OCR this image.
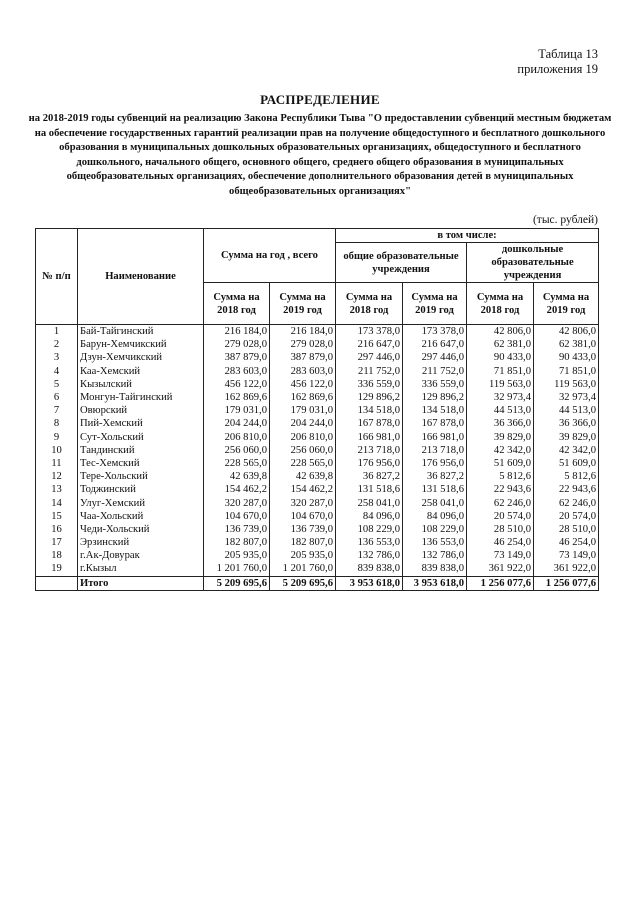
Таблица 13
приложения 19
РАСПРЕДЕЛЕНИЕ
на 2018-2019 годы субвенций на реализацию Закона Республики Тыва "О предоставлении субвенций местным бюджетам на обеспечение государственных гарантий реализации прав на получение общедоступного и бесплатного дошкольного образования в муниципальных дошкольных образовательных организациях, общедоступного и бесплатного дошкольного, начального общего, основного общего, среднего общего образования в муниципальных общеобразовательных организациях, обеспечение дополнительного образования детей в муниципальных общеобразовательных организациях"
(тыс. рублей)
№ п/п	Наименование	Сумма на год , всего		в том числе:			
				общие образовательные учреждения		дошкольные образовательные учреждения	
		Сумма на 2018 год	Сумма на 2019 год	Сумма на 2018 год	Сумма на 2019 год	Сумма на 2018 год	Сумма на 2019 год
1	Бай-Тайгинский	216 184,0	216 184,0	173 378,0	173 378,0	42 806,0	42 806,0
2	Барун-Хемчикский	279 028,0	279 028,0	216 647,0	216 647,0	62 381,0	62 381,0
3	Дзун-Хемчикский	387 879,0	387 879,0	297 446,0	297 446,0	90 433,0	90 433,0
4	Каа-Хемский	283 603,0	283 603,0	211 752,0	211 752,0	71 851,0	71 851,0
5	Кызылский	456 122,0	456 122,0	336 559,0	336 559,0	119 563,0	119 563,0
6	Монгун-Тайгинский	162 869,6	162 869,6	129 896,2	129 896,2	32 973,4	32 973,4
7	Овюрский	179 031,0	179 031,0	134 518,0	134 518,0	44 513,0	44 513,0
8	Пий-Хемский	204 244,0	204 244,0	167 878,0	167 878,0	36 366,0	36 366,0
9	Сут-Хольский	206 810,0	206 810,0	166 981,0	166 981,0	39 829,0	39 829,0
10	Тандинский	256 060,0	256 060,0	213 718,0	213 718,0	42 342,0	42 342,0
11	Тес-Хемский	228 565,0	228 565,0	176 956,0	176 956,0	51 609,0	51 609,0
12	Тере-Хольский	42 639,8	42 639,8	36 827,2	36 827,2	5 812,6	5 812,6
13	Тоджинский	154 462,2	154 462,2	131 518,6	131 518,6	22 943,6	22 943,6
14	Улуг-Хемский	320 287,0	320 287,0	258 041,0	258 041,0	62 246,0	62 246,0
15	Чаа-Хольский	104 670,0	104 670,0	84 096,0	84 096,0	20 574,0	20 574,0
16	Чеди-Хольский	136 739,0	136 739,0	108 229,0	108 229,0	28 510,0	28 510,0
17	Эрзинский	182 807,0	182 807,0	136 553,0	136 553,0	46 254,0	46 254,0
18	г.Ак-Довурак	205 935,0	205 935,0	132 786,0	132 786,0	73 149,0	73 149,0
19	г.Кызыл	1 201 760,0	1 201 760,0	839 838,0	839 838,0	361 922,0	361 922,0
	Итого	5 209 695,6	5 209 695,6	3 953 618,0	3 953 618,0	1 256 077,6	1 256 077,6
